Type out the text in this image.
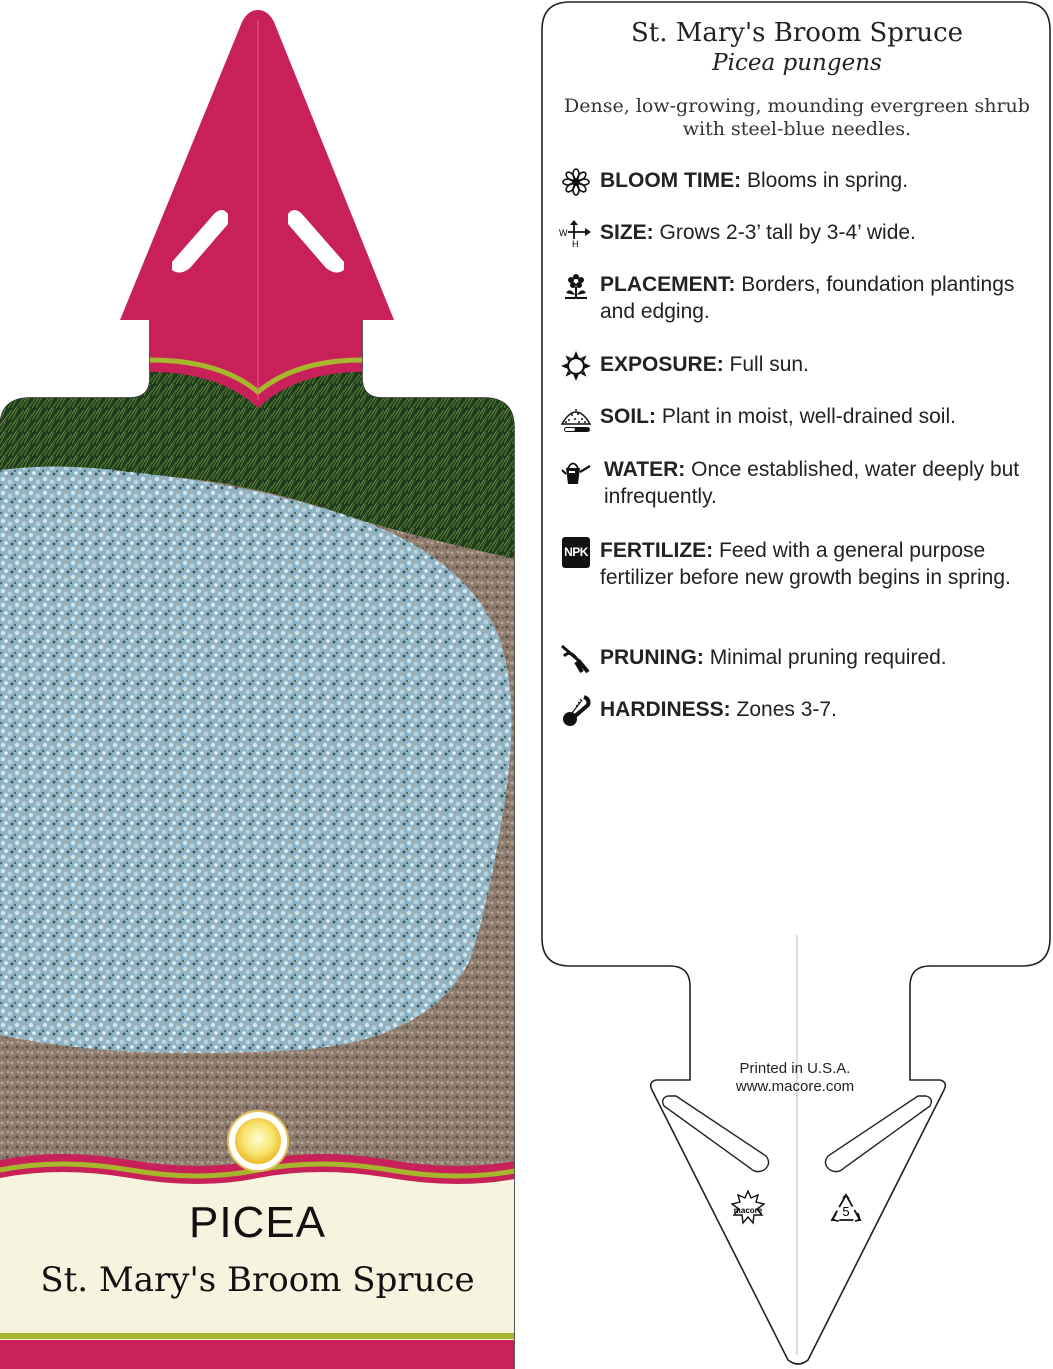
PICEA
St. Mary's Broom Spruce
St. Mary's Broom Spruce
Picea pungens
Dense, low-growing, mounding evergreen shrub with steel-blue needles.
BLOOM TIME: Blooms in spring.
W
H SIZE: Grows 2-3’ tall by 3-4’ wide.
PLACEMENT: Borders, foundation plantings and edging.
EXPOSURE: Full sun.
SOIL: Plant in moist, well-drained soil.
WATER: Once established, water deeply but infrequently.
NPK FERTILIZE: Feed with a general purpose fertilizer before new growth begins in spring.
PRUNING: Minimal pruning required.
HARDINESS: Zones 3-7.
Printed in U.S.A.
www.macore.com
macore	5
